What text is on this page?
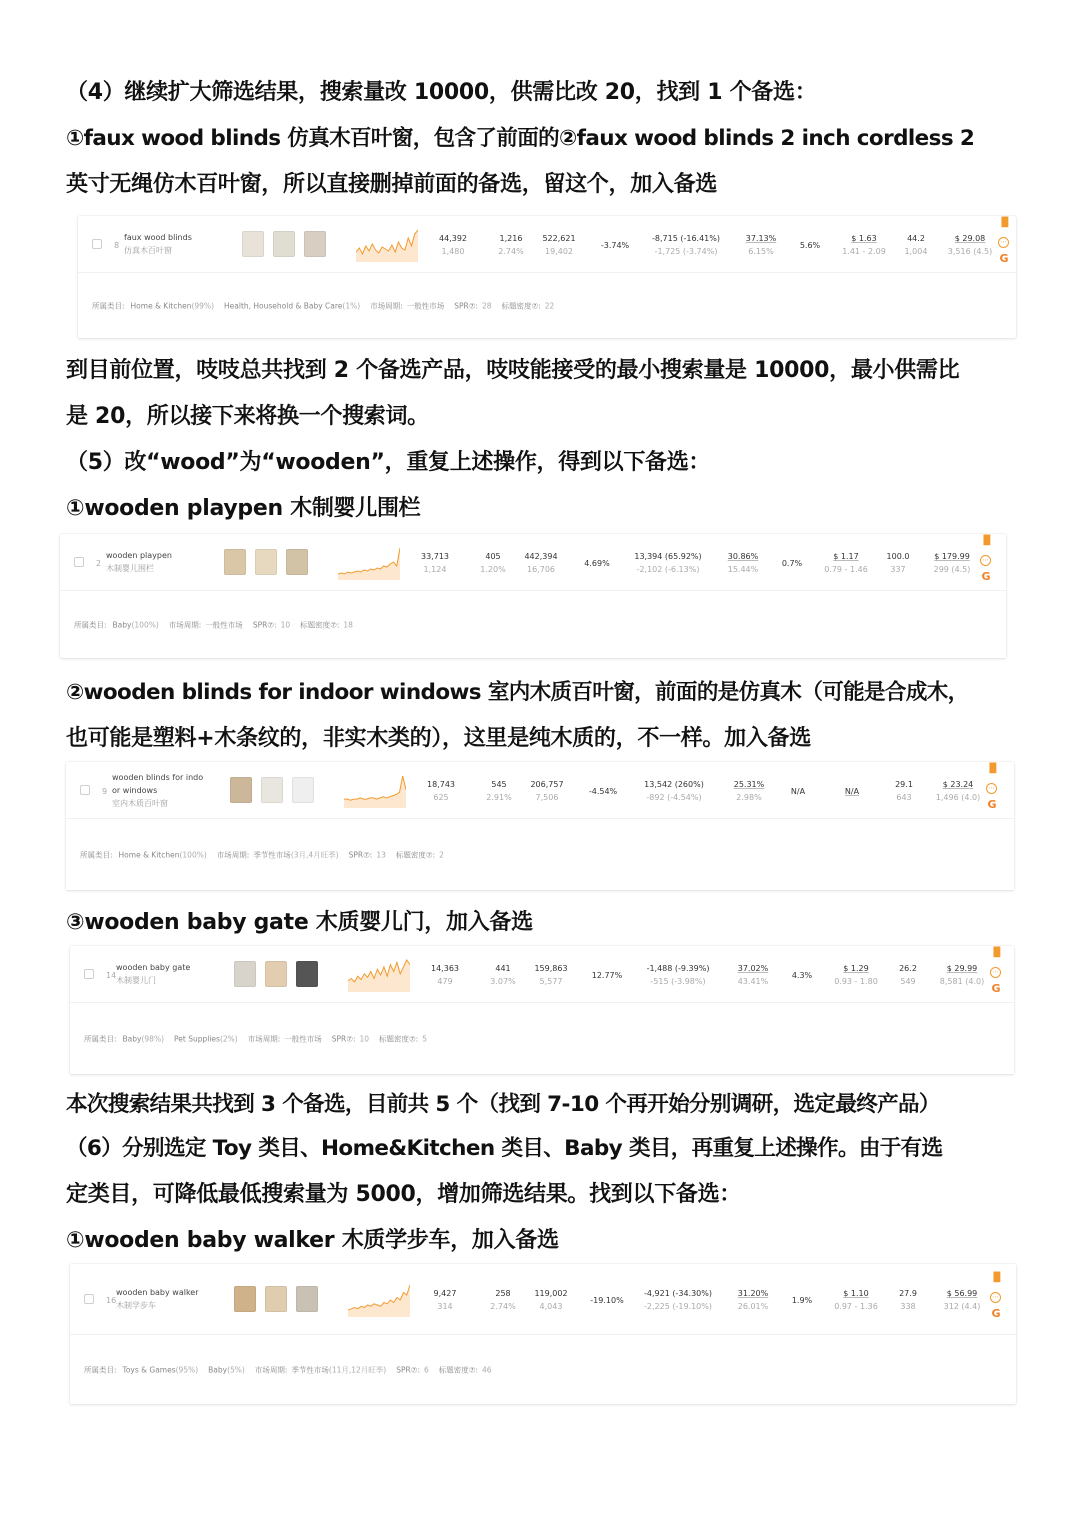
（4）继续扩大筛选结果，搜索量改 10000，供需比改 20，找到 1 个备选：
①faux wood blinds 仿真木百叶窗，包含了前面的②faux wood blinds 2 inch cordless 2
英寸无绳仿木百叶窗，所以直接删掉前面的备选，留这个，加入备选
8
faux wood blinds
仿真木百叶窗
44,392
1,480
1,216
2.74%
522,621
19,402
-3.74%
-8,715 (-16.41%)
-1,725 (-3.74%)
37.13%
6.15%
5.6%
$ 1.63
1.41 - 2.09
44.2
1,004
$ 29.08
3,516 (4.5)
▐▌
⋯
G
所属类目: Home & Kitchen(99%) Health, Household & Baby Care(1%) 市场周期: 一般性市场 SPR⑦: 28 标题密度⑦: 22
到目前位置，吱吱总共找到 2 个备选产品，吱吱能接受的最小搜索量是 10000，最小供需比
是 20，所以接下来将换一个搜索词。
（5）改“wood”为“wooden”，重复上述操作，得到以下备选：
①wooden playpen 木制婴儿围栏
2
wooden playpen
木制婴儿围栏
33,713
1,124
405
1.20%
442,394
16,706
4.69%
13,394 (65.92%)
-2,102 (-6.13%)
30.86%
15.44%
0.7%
$ 1.17
0.79 - 1.46
100.0
337
$ 179.99
299 (4.5)
▐▌
⋯
G
所属类目: Baby(100%) 市场周期: 一般性市场 SPR⑦: 10 标题密度⑦: 18
②wooden blinds for indoor windows 室内木质百叶窗，前面的是仿真木（可能是合成木，
也可能是塑料+木条纹的，非实木类的），这里是纯木质的，不一样。加入备选
9
wooden blinds for indo
or windows
室内木质百叶窗
18,743
625
545
2.91%
206,757
7,506
-4.54%
13,542 (260%)
-892 (-4.54%)
25.31%
2.98%
N/A	N/A
29.1
643
$ 23.24
1,496 (4.0)
▐▌
⋯
G
所属类目: Home & Kitchen(100%) 市场周期: 季节性市场(3月,4月旺季) SPR⑦: 13 标题密度⑦: 2
③wooden baby gate 木质婴儿门，加入备选
14
wooden baby gate
木制婴儿门
14,363
479
441
3.07%
159,863
5,577
12.77%
-1,488 (-9.39%)
-515 (-3.98%)
37.02%
43.41%
4.3%
$ 1.29
0.93 - 1.80
26.2
549
$ 29.99
8,581 (4.0)
▐▌
⋯
G
所属类目: Baby(98%) Pet Supplies(2%) 市场周期: 一般性市场 SPR⑦: 10 标题密度⑦: 5
本次搜索结果共找到 3 个备选，目前共 5 个（找到 7-10 个再开始分别调研，选定最终产品）
（6）分别选定 Toy 类目、Home&Kitchen 类目、Baby 类目，再重复上述操作。由于有选
定类目，可降低最低搜索量为 5000，增加筛选结果。找到以下备选：
①wooden baby walker 木质学步车，加入备选
16
wooden baby walker
木制学步车
9,427
314
258
2.74%
119,002
4,043
-19.10%
-4,921 (-34.30%)
-2,225 (-19.10%)
31.20%
26.01%
1.9%
$ 1.10
0.97 - 1.36
27.9
338
$ 56.99
312 (4.4)
▐▌
⋯
G
所属类目: Toys & Games(95%) Baby(5%) 市场周期: 季节性市场(11月,12月旺季) SPR⑦: 6 标题密度⑦: 46
